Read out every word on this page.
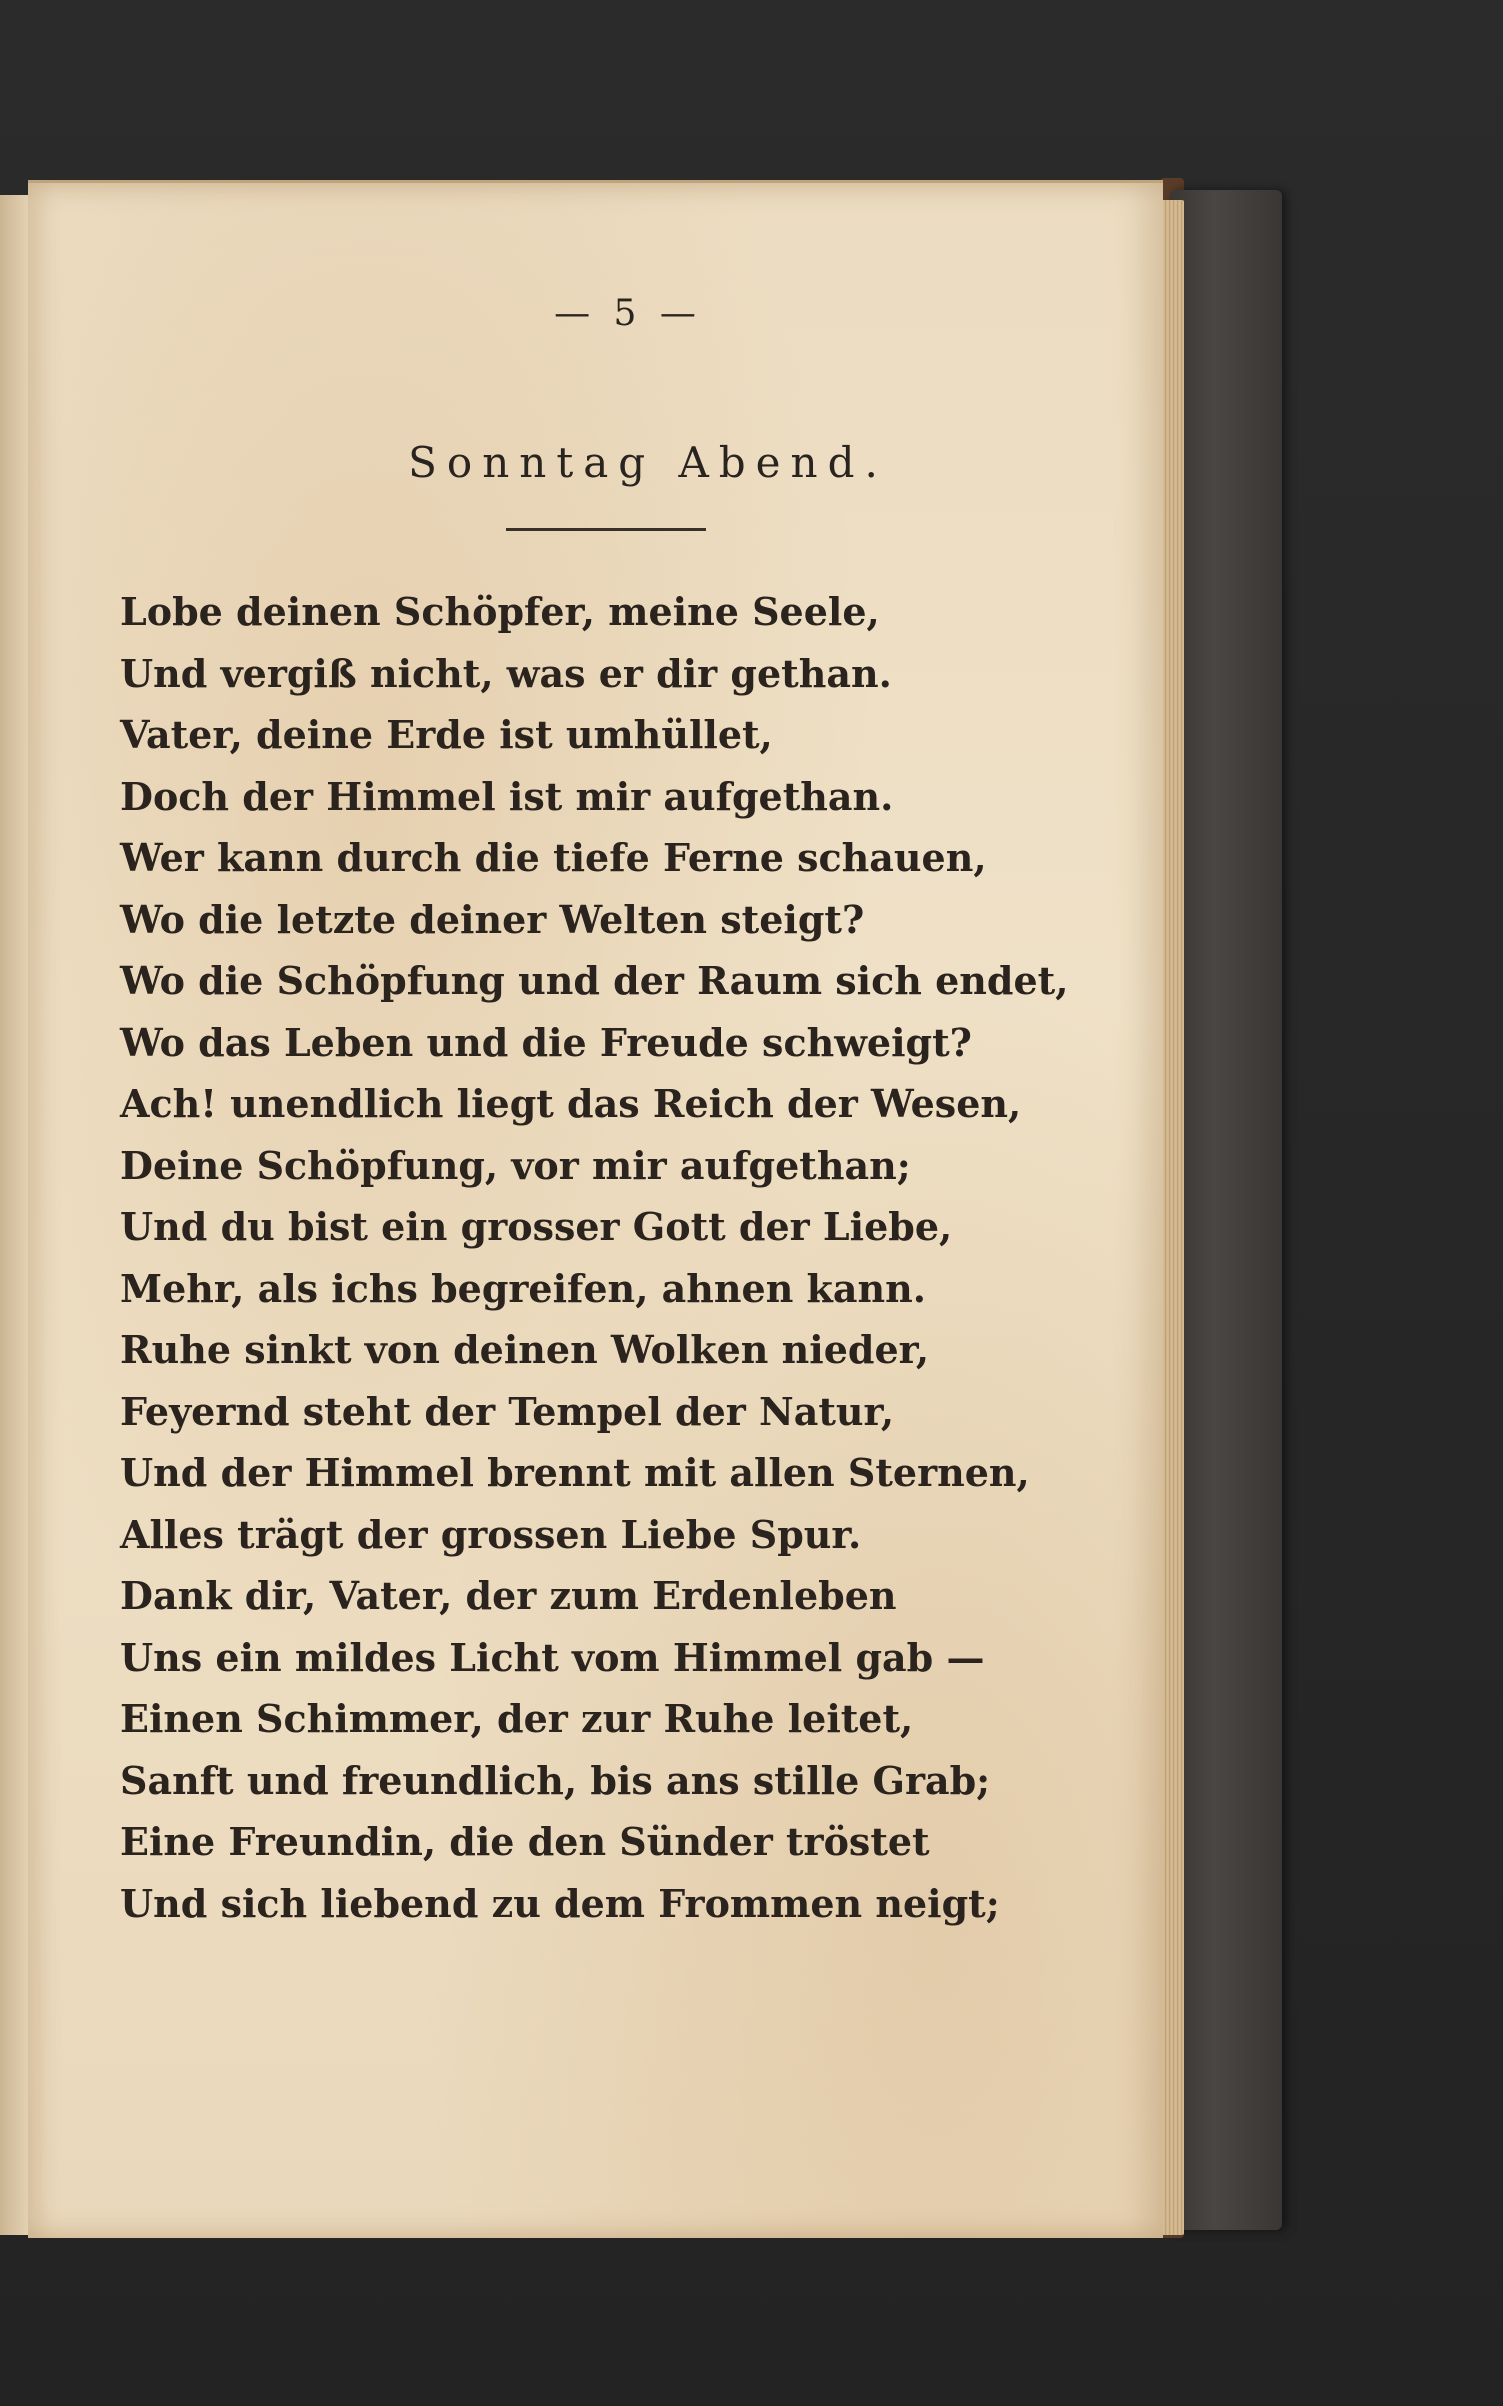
— 5 —
Sonntag Abend.
Lobe deinen Schöpfer, meine Seele,
Und vergiß nicht, was er dir gethan.
Vater, deine Erde ist umhüllet,
Doch der Himmel ist mir aufgethan.
Wer kann durch die tiefe Ferne schauen,
Wo die letzte deiner Welten steigt?
Wo die Schöpfung und der Raum sich endet,
Wo das Leben und die Freude schweigt?
Ach! unendlich liegt das Reich der Wesen,
Deine Schöpfung, vor mir aufgethan;
Und du bist ein grosser Gott der Liebe,
Mehr, als ichs begreifen, ahnen kann.
Ruhe sinkt von deinen Wolken nieder,
Feyernd steht der Tempel der Natur,
Und der Himmel brennt mit allen Sternen,
Alles trägt der grossen Liebe Spur.
Dank dir, Vater, der zum Erdenleben
Uns ein mildes Licht vom Himmel gab —
Einen Schimmer, der zur Ruhe leitet,
Sanft und freundlich, bis ans stille Grab;
Eine Freundin, die den Sünder tröstet
Und sich liebend zu dem Frommen neigt;
